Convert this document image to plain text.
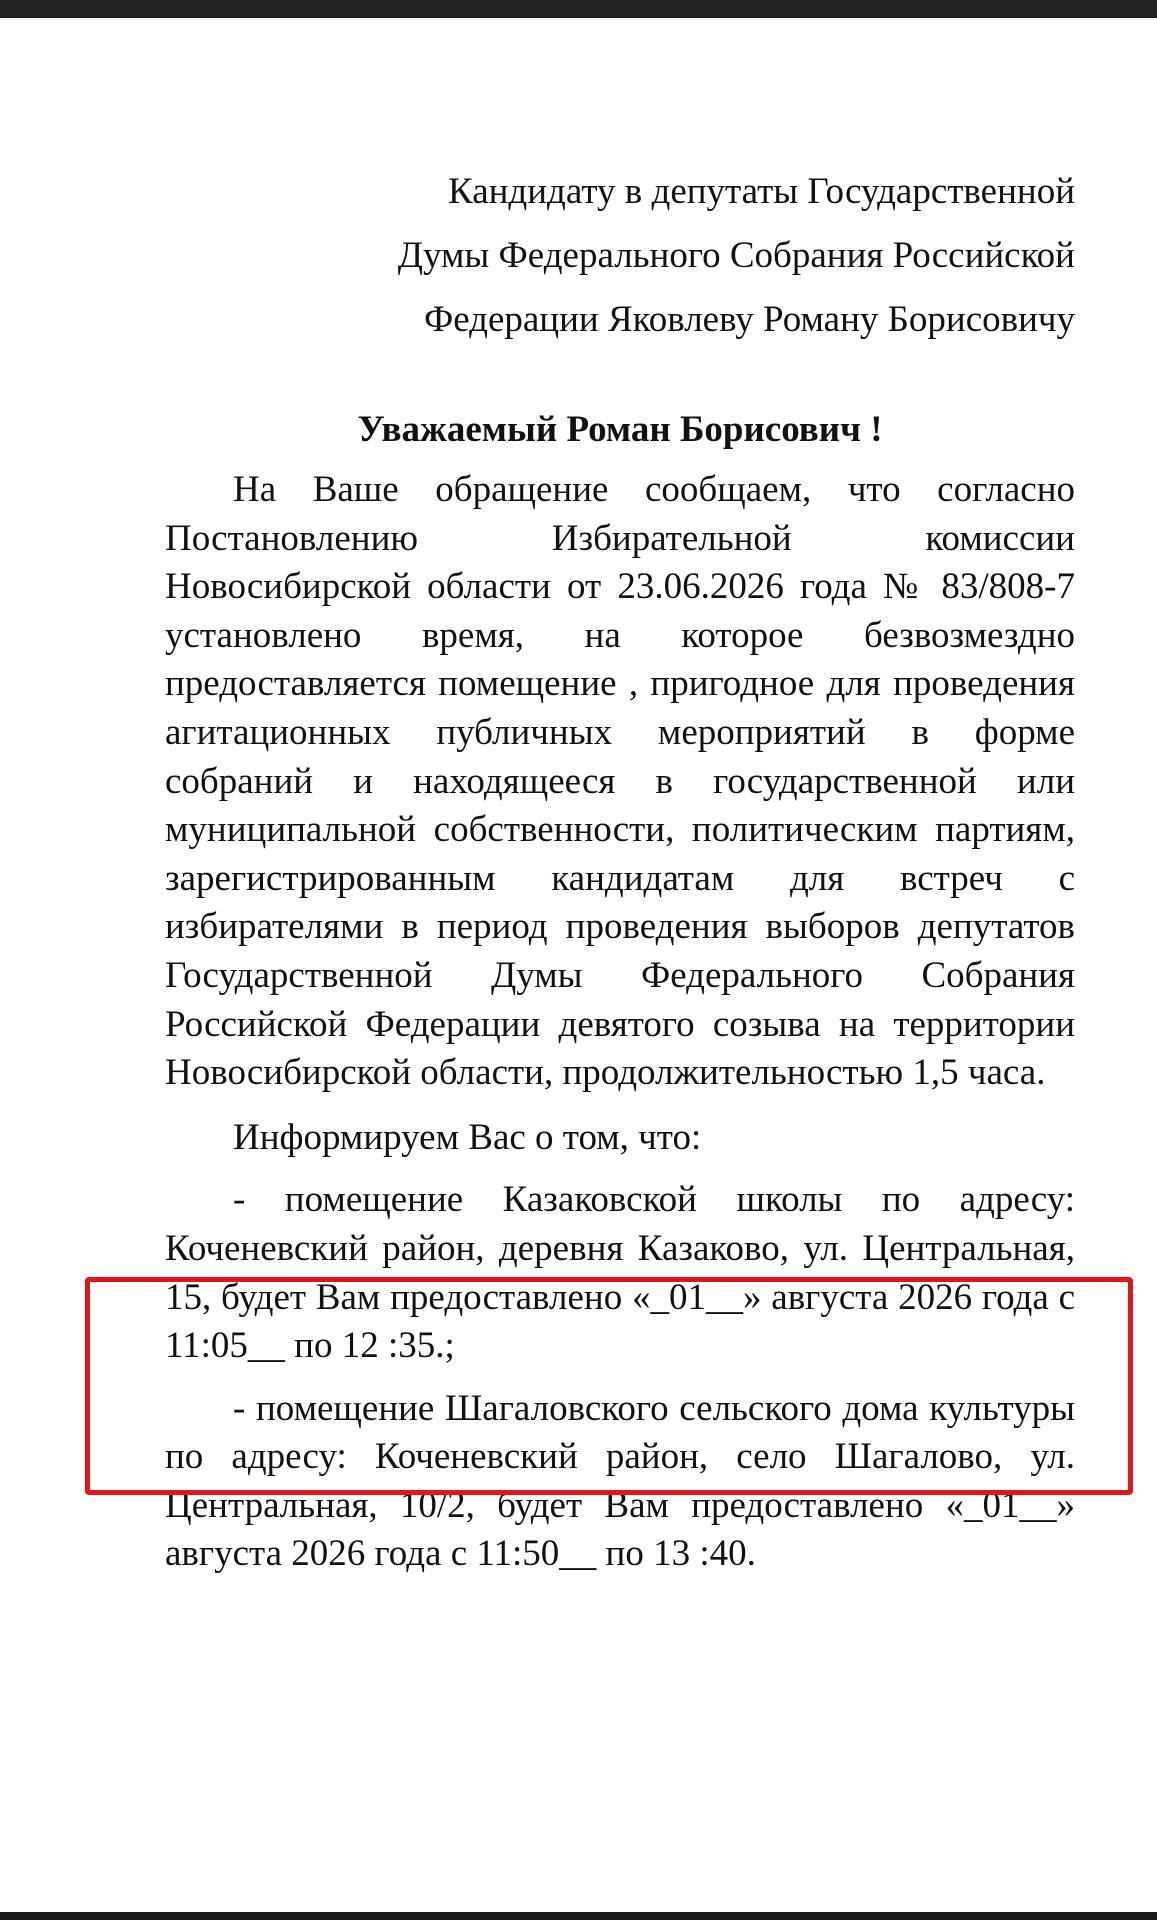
Кандидату в депутаты Государственной
Думы Федерального Собрания Российской
Федерации Яковлеву Роману Борисовичу
Уважаемый Роман Борисович !

На Ваше обращение сообщаем, что согласно Постановлению Избирательной комиссии Новосибирской области от 23.06.2026 года № 83/808-7 установлено время, на которое безвозмездно предоставляется помещение , пригодное для проведения агитационных публичных мероприятий в форме собраний и находящееся в государственной или муниципальной собственности, политическим партиям, зарегистрированным кандидатам для встреч с избирателями в период проведения выборов депутатов Государственной Думы Федерального Собрания Российской Федерации девятого созыва на территории Новосибирской области, продолжительностью 1,5 часа.

Информируем Вас о том, что:

- помещение Казаковской школы по адресу: Коченевский район, деревня Казаково, ул. Центральная, 15, будет Вам предоставлено «_01__» августа 2026 года с 11:05__ по 12 :35.;

- помещение Шагаловского сельского дома культуры по адресу: Коченевский район, село Шагалово, ул. Центральная, 10/2, будет Вам предоставлено «_01__» августа 2026 года с 11:50__ по 13 :40.
